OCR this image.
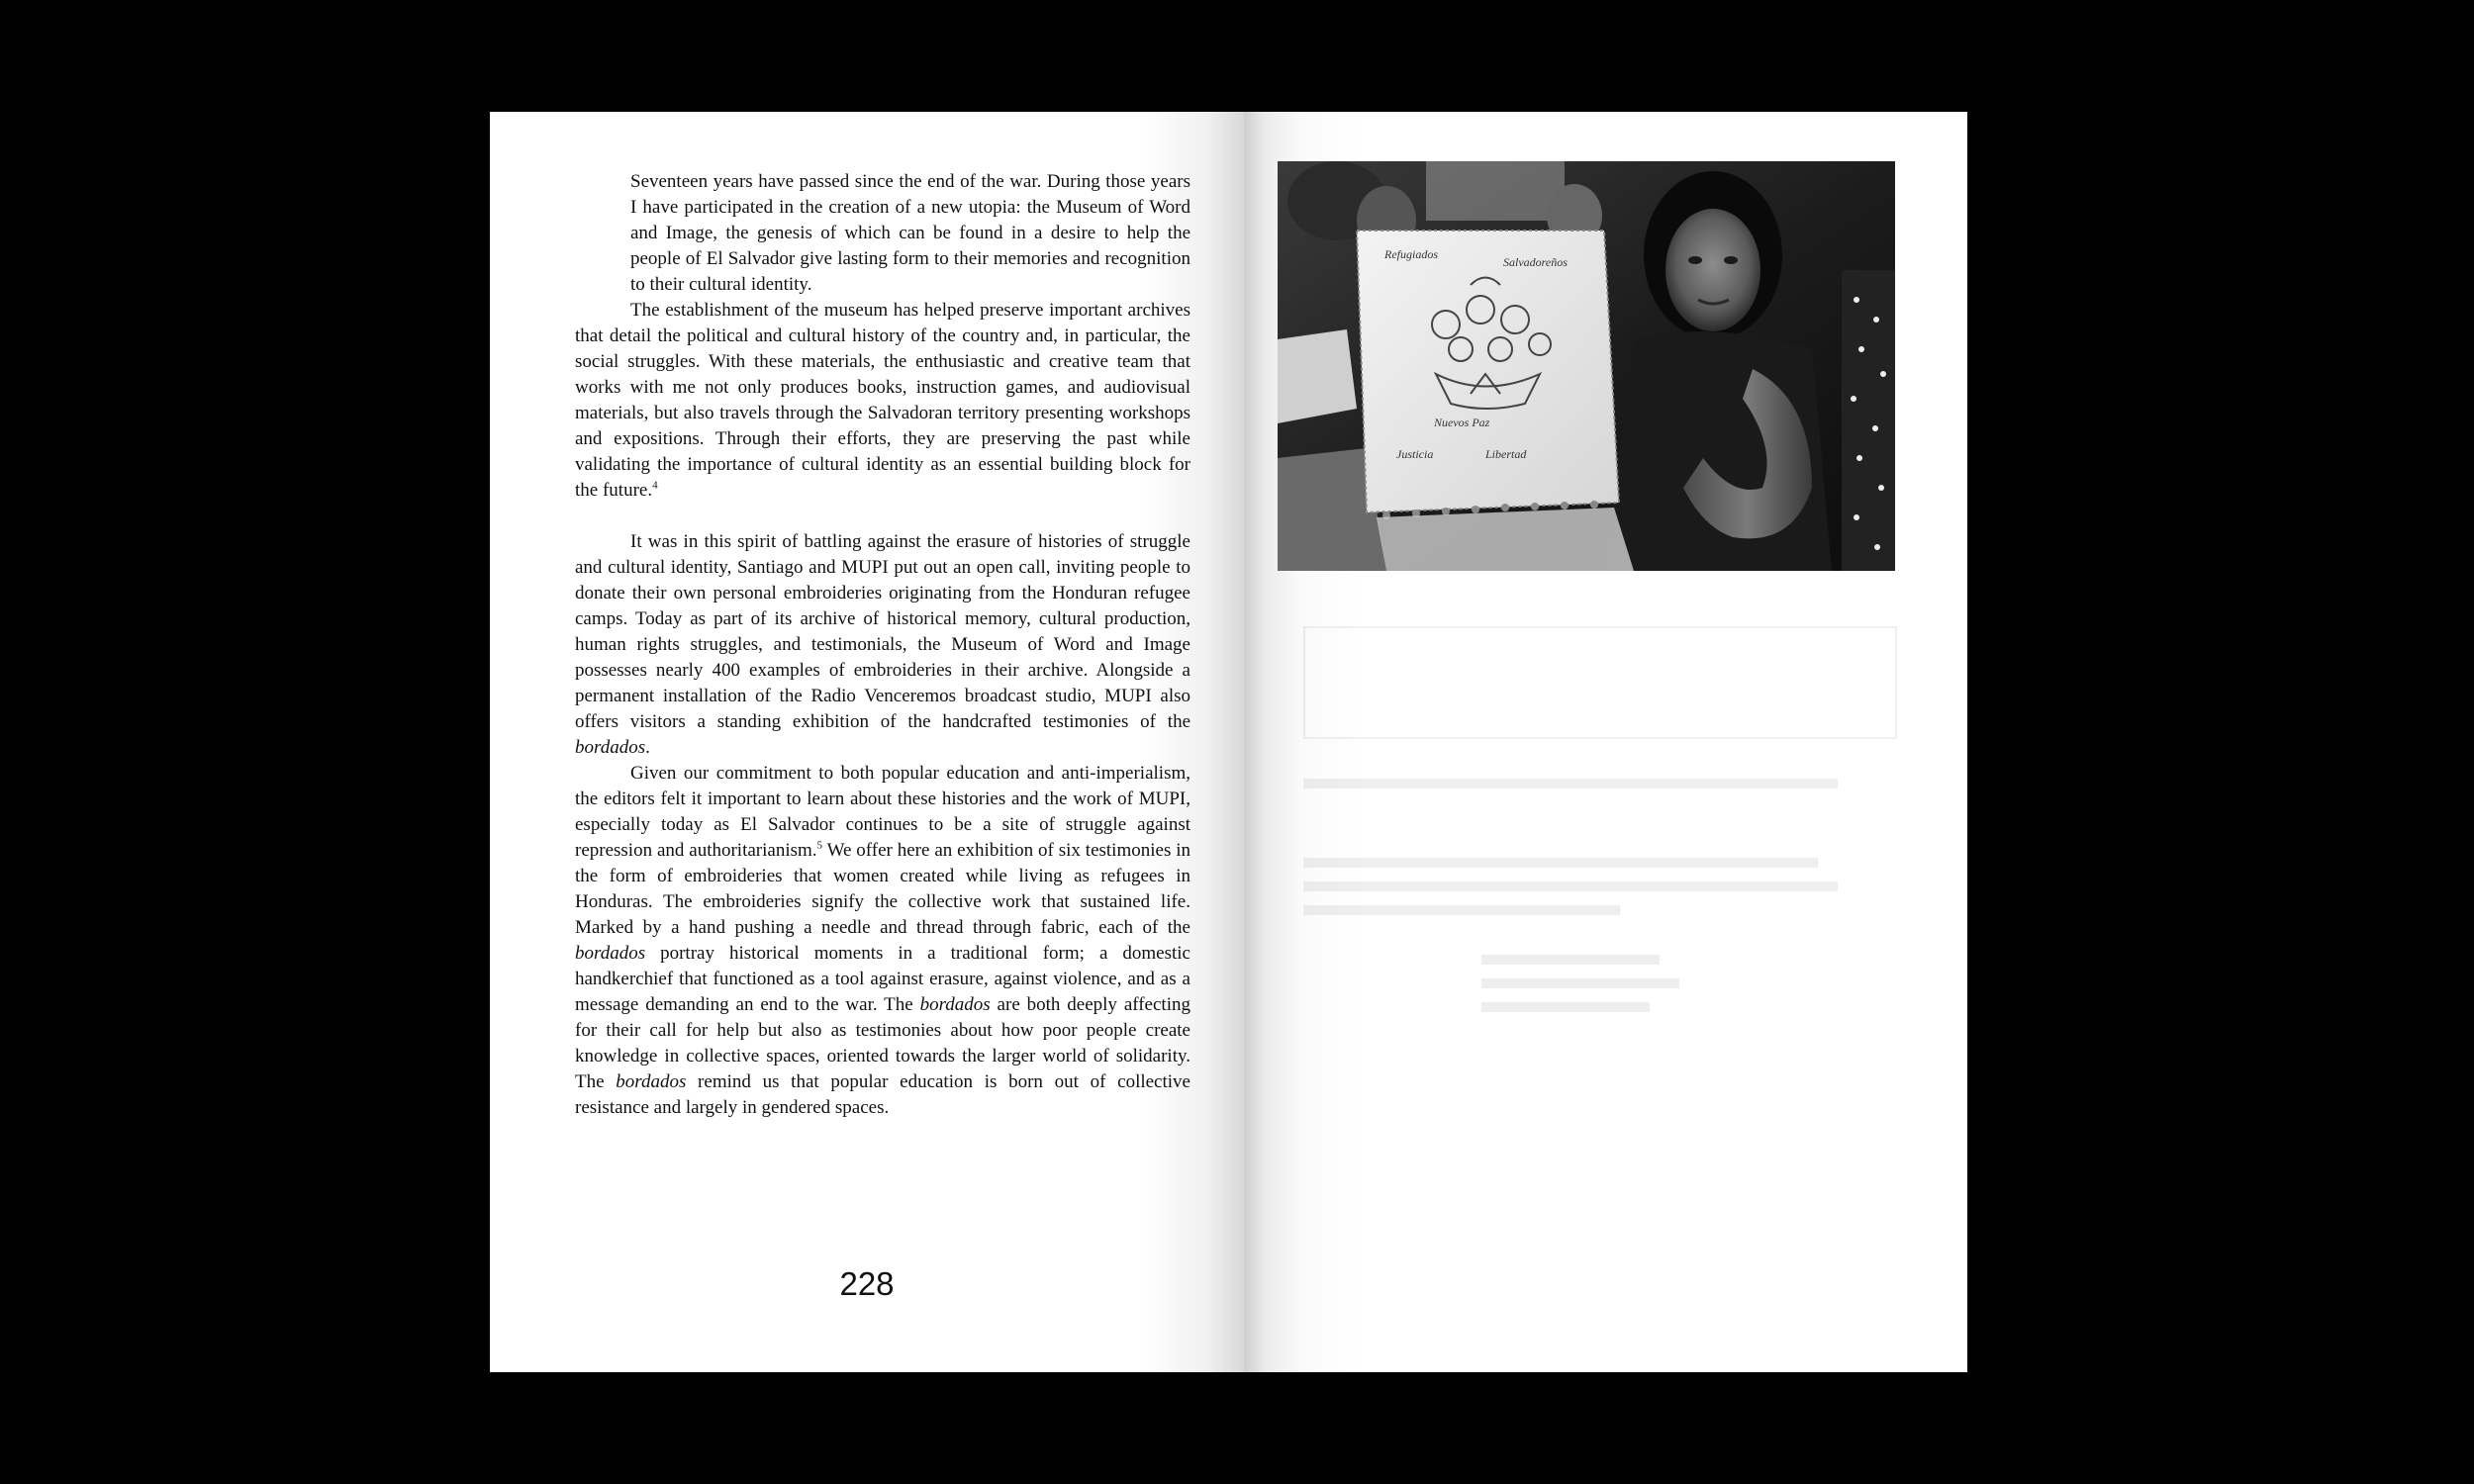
Seventeen years have passed since the end of the war. During those years I have participated in the creation of a new utopia: the Museum of Word and Image, the genesis of which can be found in a desire to help the people of El Salvador give lasting form to their memories and recognition to their cultural identity.

The establishment of the museum has helped preserve important archives that detail the political and cultural history of the country and, in particular, the social struggles. With these materials, the enthusiastic and creative team that works with me not only produces books, instruction games, and audiovisual materials, but also travels through the Salvadoran territory presenting workshops and expositions. Through their efforts, they are preserving the past while validating the importance of cultural identity as an essential building block for the future.$^4$

It was in this spirit of battling against the erasure of histories of struggle and cultural identity, Santiago and MUPI put out an open call, inviting people to donate their own personal embroideries originating from the Honduran refugee camps. Today as part of its archive of historical memory, cultural production, human rights struggles, and testimonials, the Museum of Word and Image possesses nearly 400 examples of embroideries in their archive. Alongside a permanent installation of the Radio Venceremos broadcast studio, MUPI also offers visitors a standing exhibition of the handcrafted testimonies of the bordados.

Given our commitment to both popular education and anti-imperialism, the editors felt it important to learn about these histories and the work of MUPI, especially today as El Salvador continues to be a site of struggle against repression and authoritarianism.$^5$ We offer here an exhibition of six testimonies in the form of embroideries that women created while living as refugees in Honduras. The embroideries signify the collective work that sustained life. Marked by a hand pushing a needle and thread through fabric, each of the bordados portray historical moments in a traditional form; a domestic handkerchief that functioned as a tool against erasure, against violence, and as a message demanding an end to the war. The bordados are both deeply affecting for their call for help but also as testimonies about how poor people create knowledge in collective spaces, oriented towards the larger world of solidarity. The bordados remind us that popular education is born out of collective resistance and largely in gendered spaces.

228
Refugiados
Salvadoreños
Nuevos Paz
Justicia	Libertad
